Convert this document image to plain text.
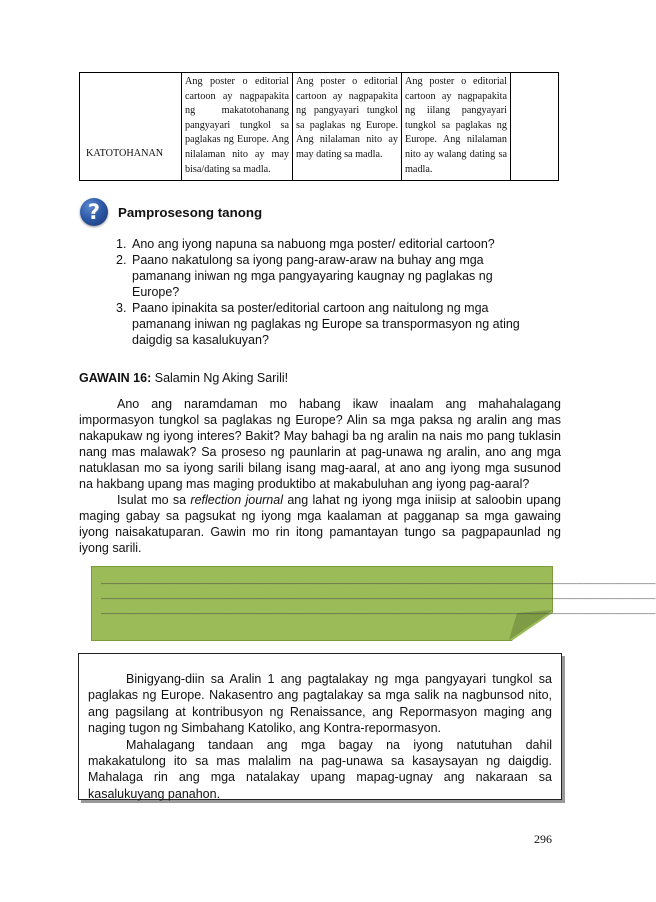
KATOTOHANAN	Ang poster o editorial cartoon ay nagpapakita ng makatotohanang pangyayari tungkol sa paglakas ng Europe. Ang nilalaman nito ay may bisa/dating sa madla.	Ang poster o editorial cartoon ay nagpapakita ng pangyayari tungkol sa paglakas ng Europe. Ang nilalaman nito ay may dating sa madla.	Ang poster o editorial cartoon ay nagpapakita ng iilang pangyayari tungkol sa paglakas ng Europe. Ang nilalaman nito ay walang dating sa madla.	
?	Pamprosesong tanong
1. Ano ang iyong napuna sa nabuong mga poster/ editorial cartoon?
2. Paano nakatulong sa iyong pang-araw-araw na buhay ang mga pamanang iniwan ng mga pangyayaring kaugnay ng paglakas ng Europe?
3. Paano ipinakita sa poster/editorial cartoon ang naitulong ng mga pamanang iniwan ng paglakas ng Europe sa transpormasyon ng ating daigdig sa kasalukuyan?
GAWAIN 16: Salamin Ng Aking Sarili!

Ano ang naramdaman mo habang ikaw inaalam ang mahahalagang impormasyon tungkol sa paglakas ng Europe? Alin sa mga paksa ng aralin ang mas nakapukaw ng iyong interes? Bakit? May bahagi ba ng aralin na nais mo pang tuklasin nang mas malawak? Sa proseso ng paunlarin at pag-unawa ng aralin, ano ang mga natuklasan mo sa iyong sarili bilang isang mag-aaral, at ano ang iyong mga susunod na hakbang upang mas maging produktibo at makabuluhan ang iyong pag-aaral?

Isulat mo sa reflection journal ang lahat ng iyong mga iniisip at saloobin upang maging gabay sa pagsukat ng iyong mga kaalaman at pagganap sa mga gawaing iyong naisakatuparan. Gawin mo rin itong pamantayan tungo sa pagpapaunlad ng iyong sarili.

____________________________________________________________________________________
____________________________________________________________________________________
____________________________________________________________________________________

Binigyang-diin sa Aralin 1 ang pagtalakay ng mga pangyayari tungkol sa paglakas ng Europe. Nakasentro ang pagtalakay sa mga salik na nagbunsod nito, ang pagsilang at kontribusyon ng Renaissance, ang Repormasyon maging ang naging tugon ng Simbahang Katoliko, ang Kontra-repormasyon.

Mahalagang tandaan ang mga bagay na iyong natutuhan dahil makakatulong ito sa mas malalim na pag-unawa sa kasaysayan ng daigdig. Mahalaga rin ang mga natalakay upang mapag-ugnay ang nakaraan sa kasalukuyang panahon.

296
